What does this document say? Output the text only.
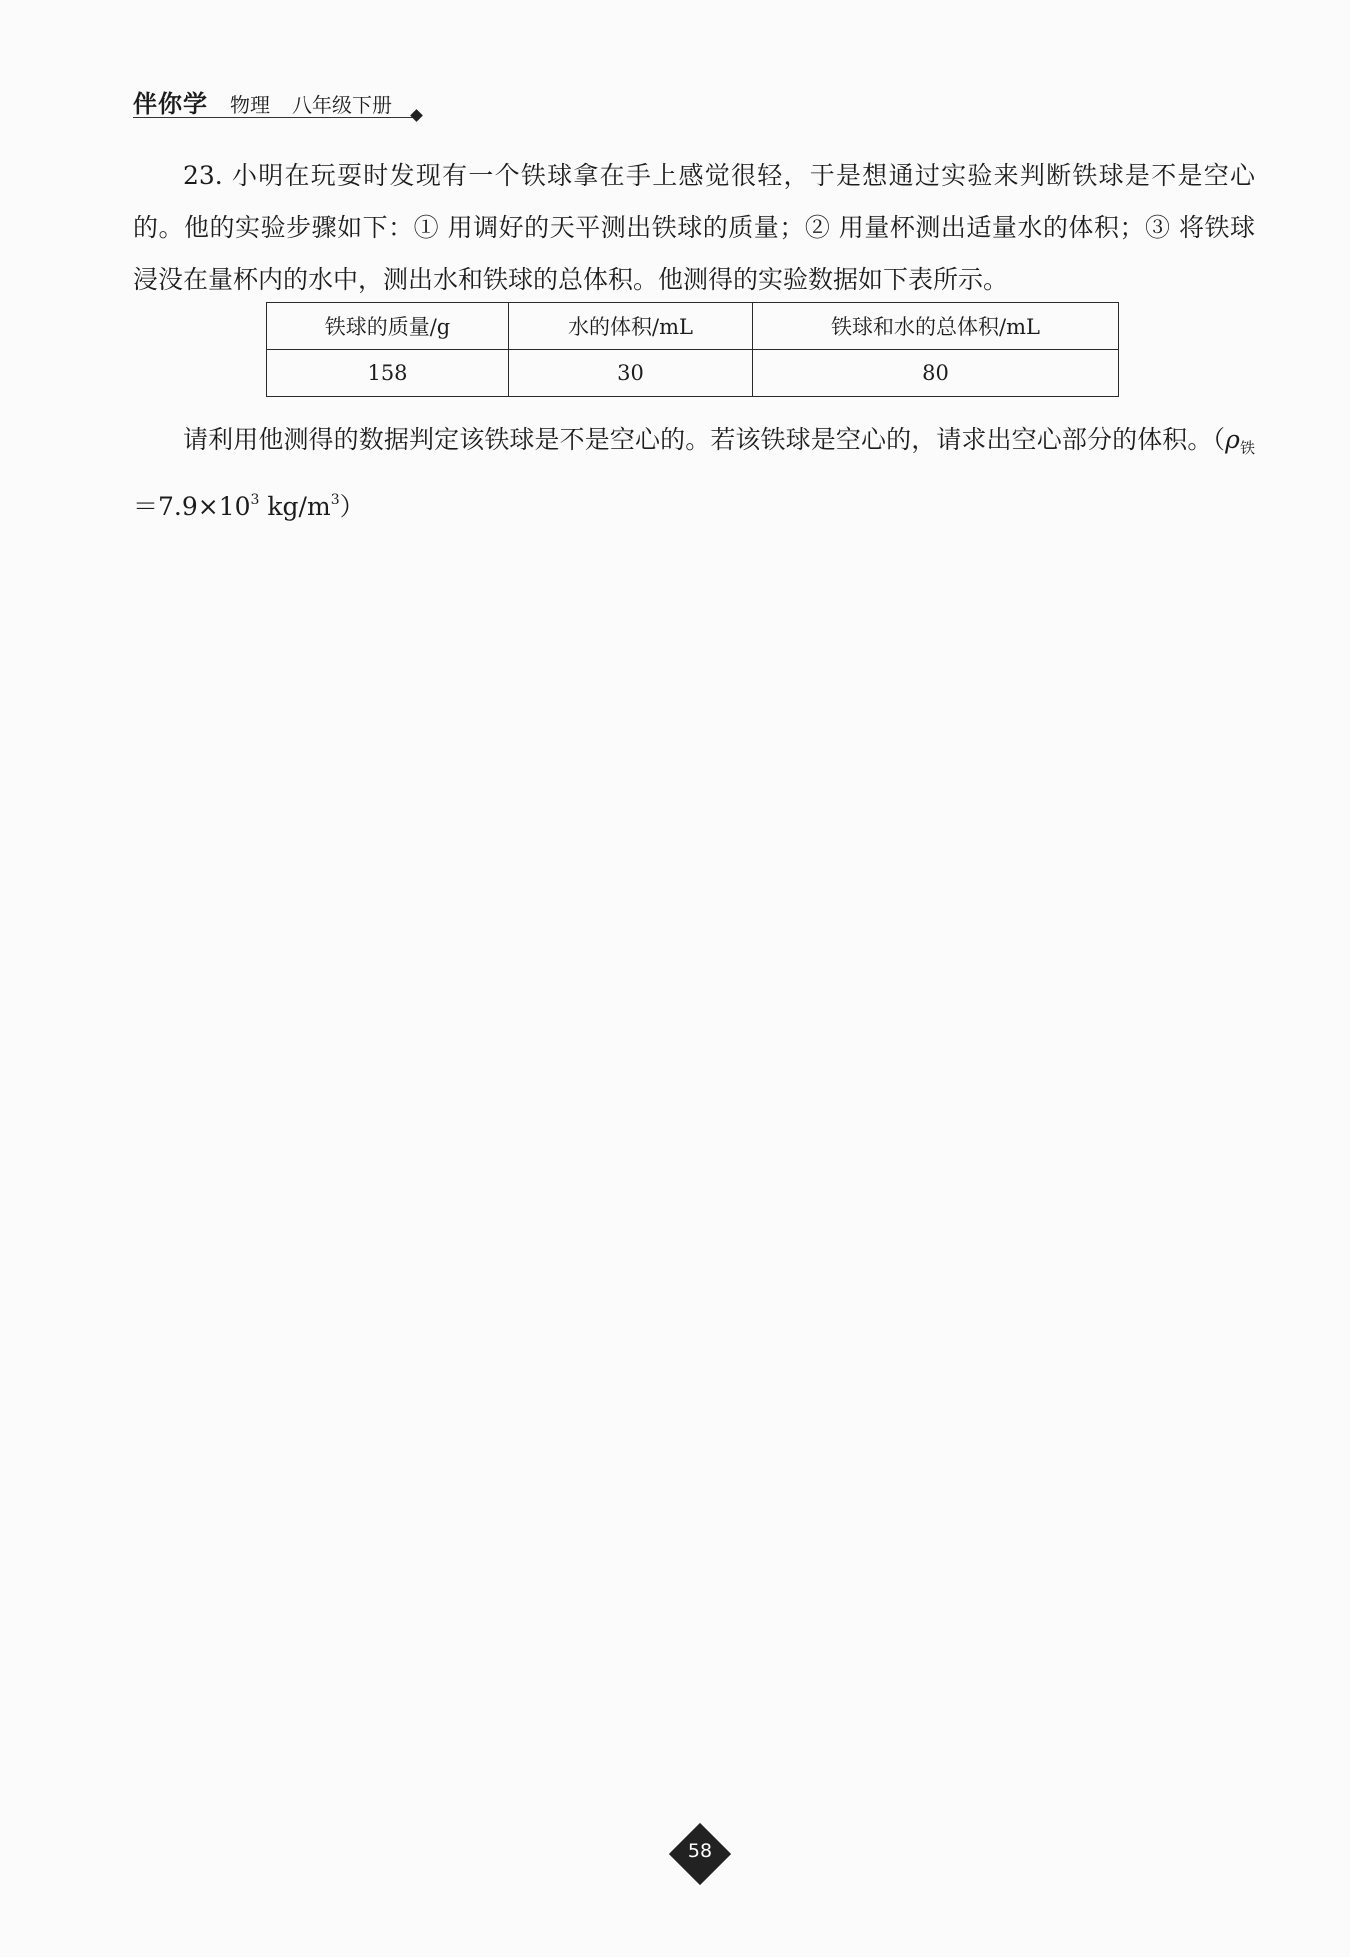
伴你学 物理 八年级下册
23. 小明在玩耍时发现有一个铁球拿在手上感觉很轻，于是想通过实验来判断铁球是不是空心的。他的实验步骤如下：① 用调好的天平测出铁球的质量；② 用量杯测出适量水的体积；③ 将铁球浸没在量杯内的水中，测出水和铁球的总体积。他测得的实验数据如下表所示。
铁球的质量/g	水的体积/mL	铁球和水的总体积/mL
158	30	80
请利用他测得的数据判定该铁球是不是空心的。若该铁球是空心的，请求出空心部分的体积。（$\rho_铁=7.9\times 10^3$ $kg/m^3$）
58
